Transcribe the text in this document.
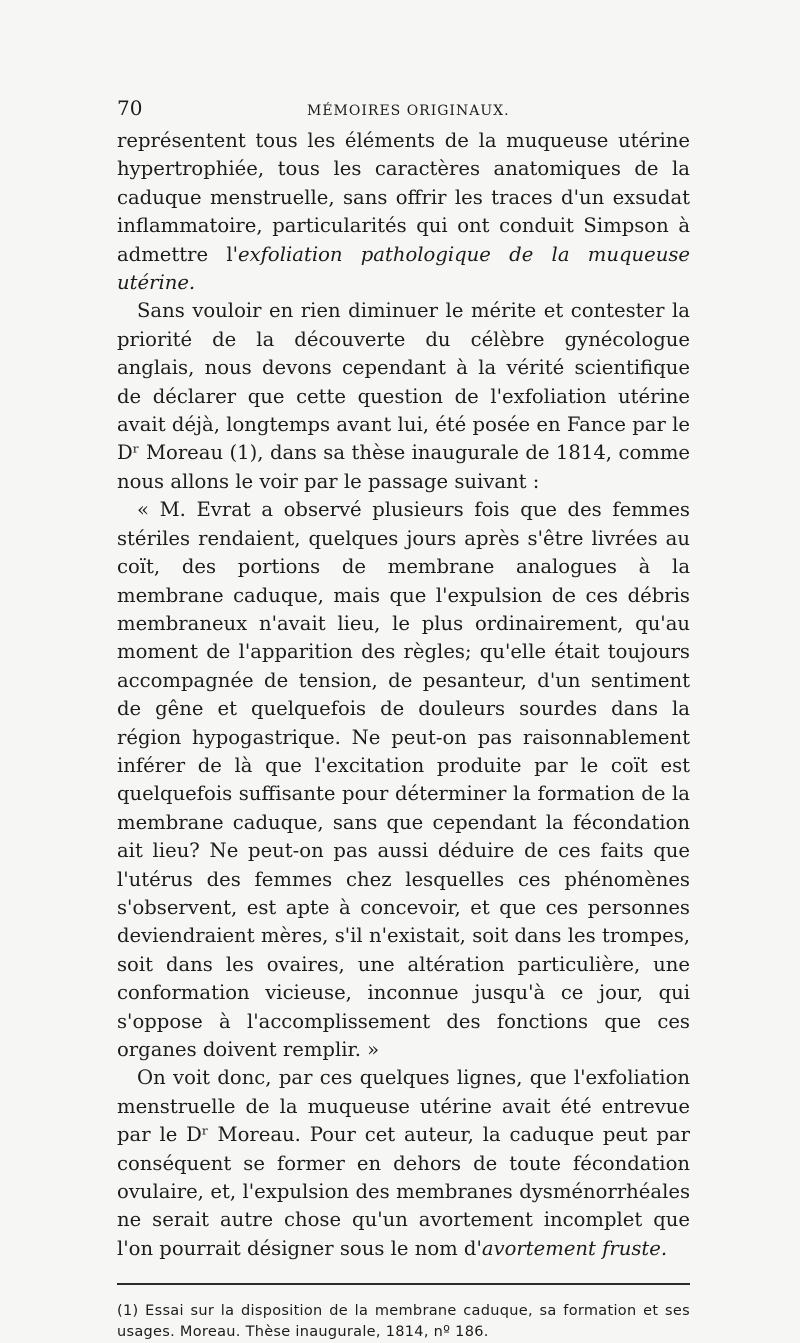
70	MÉMOIRES ORIGINAUX.

représentent tous les éléments de la muqueuse utérine hypertrophiée, tous les caractères anatomiques de la caduque menstruelle, sans offrir les traces d'un exsudat inflammatoire, particularités qui ont conduit Simpson à admettre l'exfoliation pathologique de la muqueuse utérine.

Sans vouloir en rien diminuer le mérite et contester la priorité de la découverte du célèbre gynécologue anglais, nous devons cependant à la vérité scientifique de déclarer que cette question de l'exfoliation utérine avait déjà, longtemps avant lui, été posée en Fance par le Dʳ Moreau (1), dans sa thèse inaugurale de 1814, comme nous allons le voir par le passage suivant :

« M. Evrat a observé plusieurs fois que des femmes stériles rendaient, quelques jours après s'être livrées au coït, des portions de membrane analogues à la membrane caduque, mais que l'expulsion de ces débris membraneux n'avait lieu, le plus ordinairement, qu'au moment de l'apparition des règles; qu'elle était toujours accompagnée de tension, de pesanteur, d'un sentiment de gêne et quelquefois de douleurs sourdes dans la région hypogastrique. Ne peut-on pas raisonnablement inférer de là que l'excitation produite par le coït est quelquefois suffisante pour déterminer la formation de la membrane caduque, sans que cependant la fécondation ait lieu? Ne peut-on pas aussi déduire de ces faits que l'utérus des femmes chez lesquelles ces phénomènes s'observent, est apte à concevoir, et que ces personnes deviendraient mères, s'il n'existait, soit dans les trompes, soit dans les ovaires, une altération particulière, une conformation vicieuse, inconnue jusqu'à ce jour, qui s'oppose à l'accomplissement des fonctions que ces organes doivent remplir. »

On voit donc, par ces quelques lignes, que l'exfoliation menstruelle de la muqueuse utérine avait été entrevue par le Dʳ Moreau. Pour cet auteur, la caduque peut par conséquent se former en dehors de toute fécondation ovulaire, et, l'expulsion des membranes dysménorrhéales ne serait autre chose qu'un avortement incomplet que l'on pourrait désigner sous le nom d'avortement fruste.

(1) Essai sur la disposition de la membrane caduque, sa formation et ses usages. Moreau. Thèse inaugurale, 1814, nº 186.
